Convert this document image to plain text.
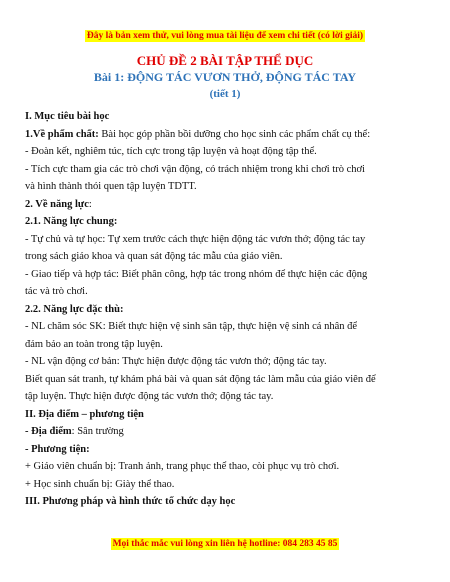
Đây là bản xem thử, vui lòng mua tài liệu để xem chi tiết (có lời giải)
CHỦ ĐỀ 2 BÀI TẬP THỂ DỤC
Bài 1: ĐỘNG TÁC VƯƠN THỞ, ĐỘNG TÁC TAY
(tiết 1)

I. Mục tiêu bài học

1.Về phẩm chất: Bài học góp phần bồi dưỡng cho học sinh các phẩm chất cụ thể:

- Đoàn kết, nghiêm túc, tích cực trong tập luyện và hoạt động tập thể.

- Tích cực tham gia các trò chơi vận động, có trách nhiệm trong khi chơi trò chơi

và hình thành thói quen tập luyện TDTT.

2. Về năng lực:

2.1. Năng lực chung:

- Tự chủ và tự học: Tự xem trước cách thực hiện động tác vươn thở; động tác tay

trong sách giáo khoa và quan sát động tác mẫu của giáo viên.

- Giao tiếp và hợp tác: Biết phân công, hợp tác trong nhóm để thực hiện các động

tác và trò chơi.

2.2. Năng lực đặc thù:

- NL chăm sóc SK: Biết thực hiện vệ sinh sân tập, thực hiện vệ sinh cá nhân để

đảm bảo an toàn trong tập luyện.

- NL vận động cơ bản: Thực hiện được động tác vươn thở; động tác tay.

Biết quan sát tranh, tự khám phá bài và quan sát động tác làm mẫu của giáo viên để

tập luyện. Thực hiện được động tác vươn thở; động tác tay.

II. Địa điểm – phương tiện

- Địa điểm: Sân trường

- Phương tiện:

+ Giáo viên chuẩn bị: Tranh ảnh, trang phục thể thao, còi phục vụ trò chơi.

+ Học sinh chuẩn bị: Giày thể thao.

III. Phương pháp và hình thức tổ chức dạy học

Mọi thắc mắc vui lòng xin liên hệ hotline: 084 283 45 85
